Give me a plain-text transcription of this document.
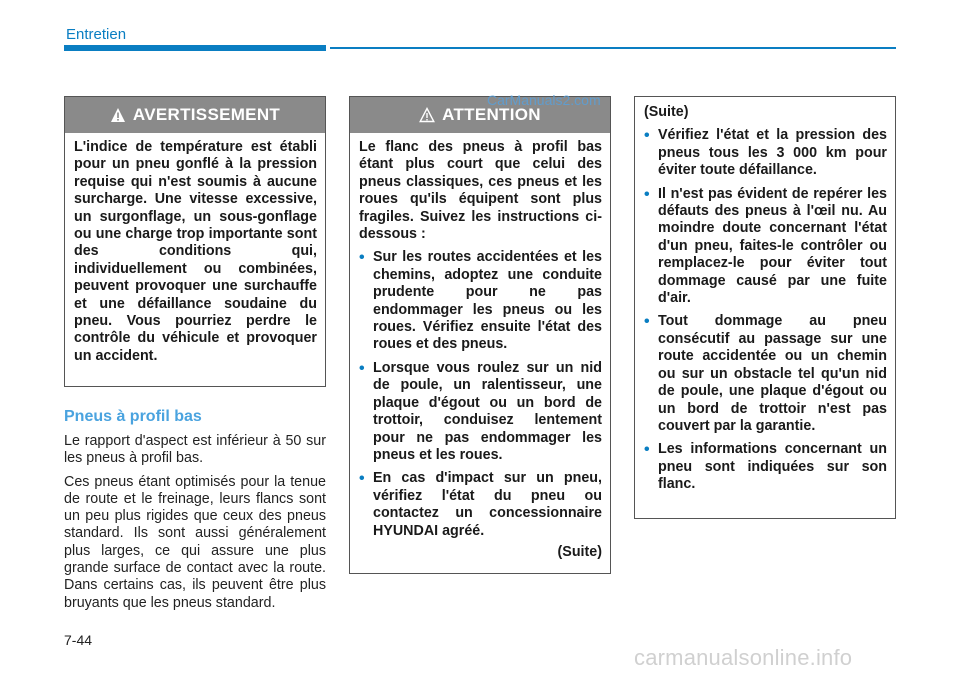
Entretien
AVERTISSEMENT
L'indice de température est établi pour un pneu gonflé à la pression requise qui n'est soumis à aucune surcharge. Une vitesse excessive, un surgonflage, un sous-gonflage ou une charge trop importante sont des conditions qui, individuellement ou combinées, peuvent provoquer une surchauffe et une défaillance soudaine du pneu. Vous pourriez perdre le contrôle du véhicule et provoquer un accident.
Pneus à profil bas

Le rapport d'aspect est inférieur à 50 sur les pneus à profil bas.

Ces pneus étant optimisés pour la tenue de route et le freinage, leurs flancs sont un peu plus rigides que ceux des pneus standard. Ils sont aussi généralement plus larges, ce qui assure une plus grande surface de contact avec la route. Dans certains cas, ils peuvent être plus bruyants que les pneus standard.

ATTENTION
Le flanc des pneus à profil bas étant plus court que celui des pneus classiques, ces pneus et les roues qu'ils équipent sont plus fragiles. Suivez les instructions ci-dessous :
• Sur les routes accidentées et les chemins, adoptez une conduite prudente pour ne pas endommager les pneus ou les roues. Vérifiez ensuite l'état des roues et des pneus.
• Lorsque vous roulez sur un nid de poule, un ralentisseur, une plaque d'égout ou un bord de trottoir, conduisez lentement pour ne pas endommager les pneus et les roues.
• En cas d'impact sur un pneu, vérifiez l'état du pneu ou contactez un concessionnaire HYUNDAI agréé.
(Suite)
(Suite)
• Vérifiez l'état et la pression des pneus tous les 3 000 km pour éviter toute défaillance.
• Il n'est pas évident de repérer les défauts des pneus à l'œil nu. Au moindre doute concernant l'état d'un pneu, faites-le contrôler ou remplacez-le pour éviter tout dommage causé par une fuite d'air.
• Tout dommage au pneu consécutif au passage sur une route accidentée ou un chemin ou sur un obstacle tel qu'un nid de poule, une plaque d'égout ou un bord de trottoir n'est pas couvert par la garantie.
• Les informations concernant un pneu sont indiquées sur son flanc.
CarManuals2.com
7-44
carmanualsonline.info
